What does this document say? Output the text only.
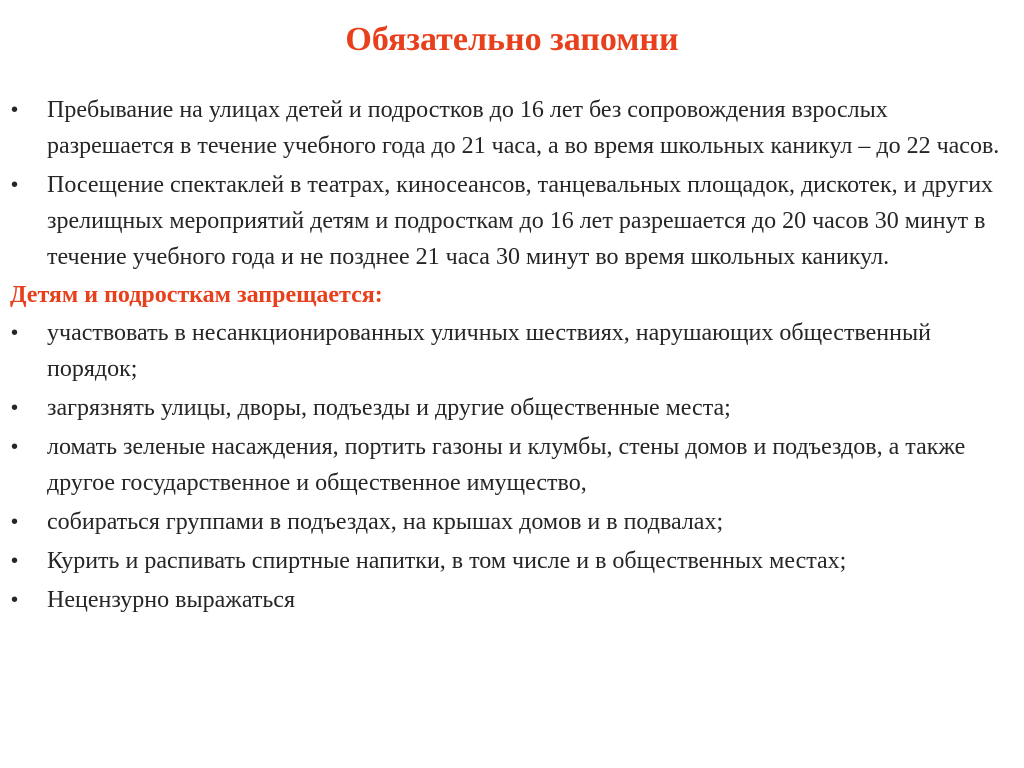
Обязательно запомни
• Пребывание на улицах детей и подростков до 16 лет без сопровождения взрослых разрешается в течение учебного года до 21 часа, а во время школьных каникул – до 22 часов.
• Посещение спектаклей в театрах, киносеансов, танцевальных площадок, дискотек, и других зрелищных мероприятий детям и подросткам до 16 лет разрешается до 20 часов 30 минут в течение учебного года и не позднее 21 часа 30 минут во время школьных каникул.
Детям и подросткам запрещается:
• участвовать в несанкционированных уличных шествиях, нарушающих общественный порядок;
• загрязнять улицы, дворы, подъезды и другие общественные места;
• ломать зеленые насаждения, портить газоны и клумбы, стены домов и подъездов, а также другое государственное и общественное имущество,
• собираться группами в подъездах, на крышах домов и в подвалах;
• Курить и распивать спиртные напитки, в том числе и в общественных местах;
• Нецензурно выражаться
